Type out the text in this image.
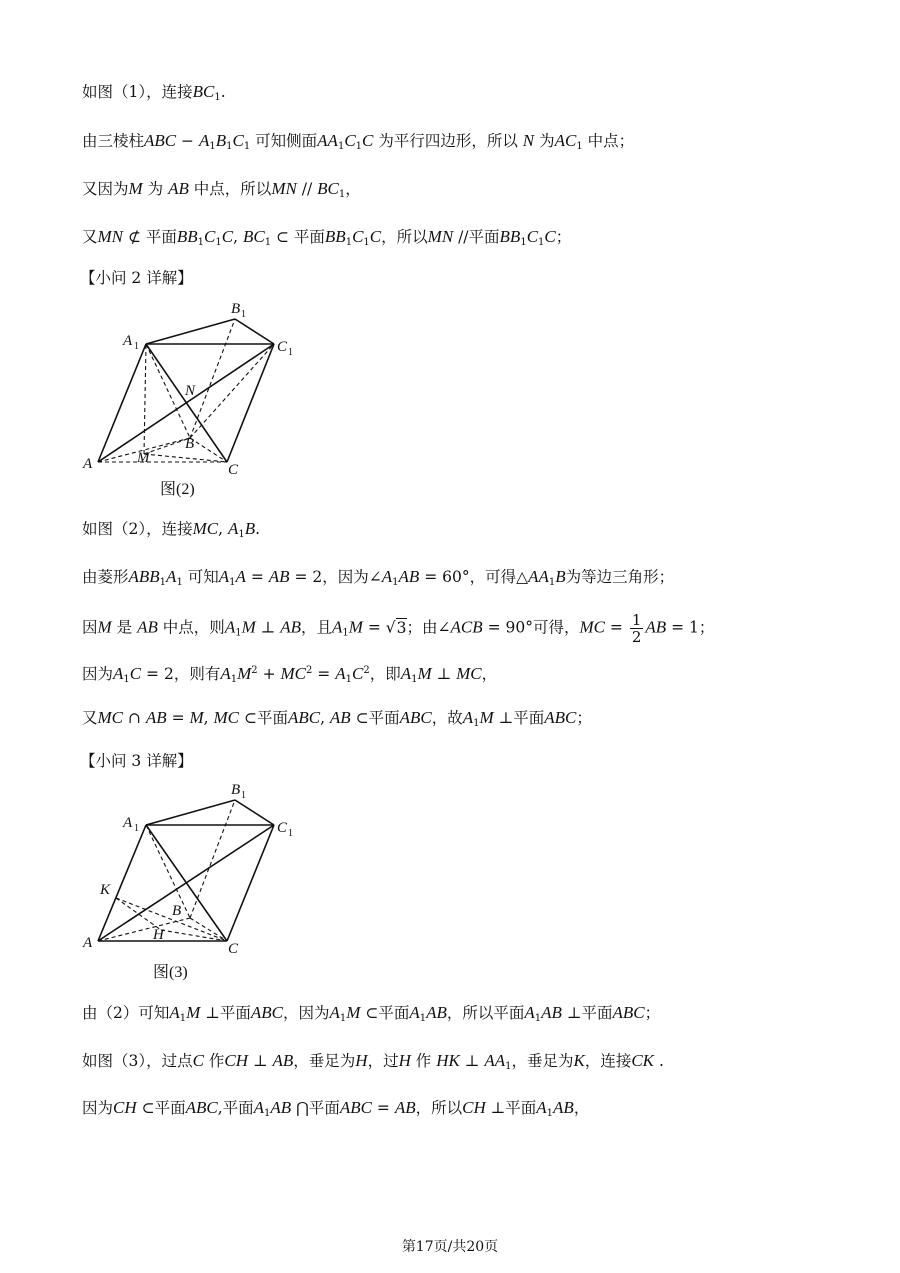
如图（1），连接$BC_1$.
由三棱柱ABC − $A_1B_1C_1$ 可知侧面$AA_1C_1C$ 为平行四边形，所以 N 为$AC_1$ 中点；
又因为M 为 AB 中点，所以MN // $BC_1$，
又MN ⊄ 平面$BB_1C_1C$, $BC_1$ ⊂ 平面$BB_1C_1C$，所以MN //平面$BB_1C_1C$；
【小问 2 详解】
A 1
B 1
C 1
N
B
A	M
C
图(2)
如图（2），连接MC, $A_1B$.
由菱形$ABB_1A_1$ 可知$A_1A$ = AB = 2，因为$\angle A_1AB = 60^\circ$，可得$\triangle AA_1B$为等边三角形；
因M 是 AB 中点，则$A_1M$ ⊥ AB，且$A_1M = √3$；由∠ACB = 90°可得，MC = $\frac{1}{2}$ AB = 1；
因为$A_1C = 2$，则有$A_1M^2 + MC^2 = A_1C^2$，即$A_1M$ ⊥ MC，
又MC ∩ AB = M, MC ⊂平面ABC, AB ⊂平面ABC，故$A_1M$ ⊥平面ABC；
【小问 3 详解】
A 1
B 1
C 1
K
B
A	H
C
图(3)
由（2）可知$A_1M$ ⊥平面ABC，因为$A_1M$ ⊂平面$A_1AB$，所以平面$A_1AB$ ⊥平面ABC；
如图（3），过点C 作CH ⊥ AB，垂足为H，过H 作 HK ⊥ $AA_1$，垂足为K，连接CK .
因为CH ⊂平面ABC,平面$A_1AB$ ⋂平面ABC = AB，所以CH ⊥平面$A_1AB$，
第17页/共20页
